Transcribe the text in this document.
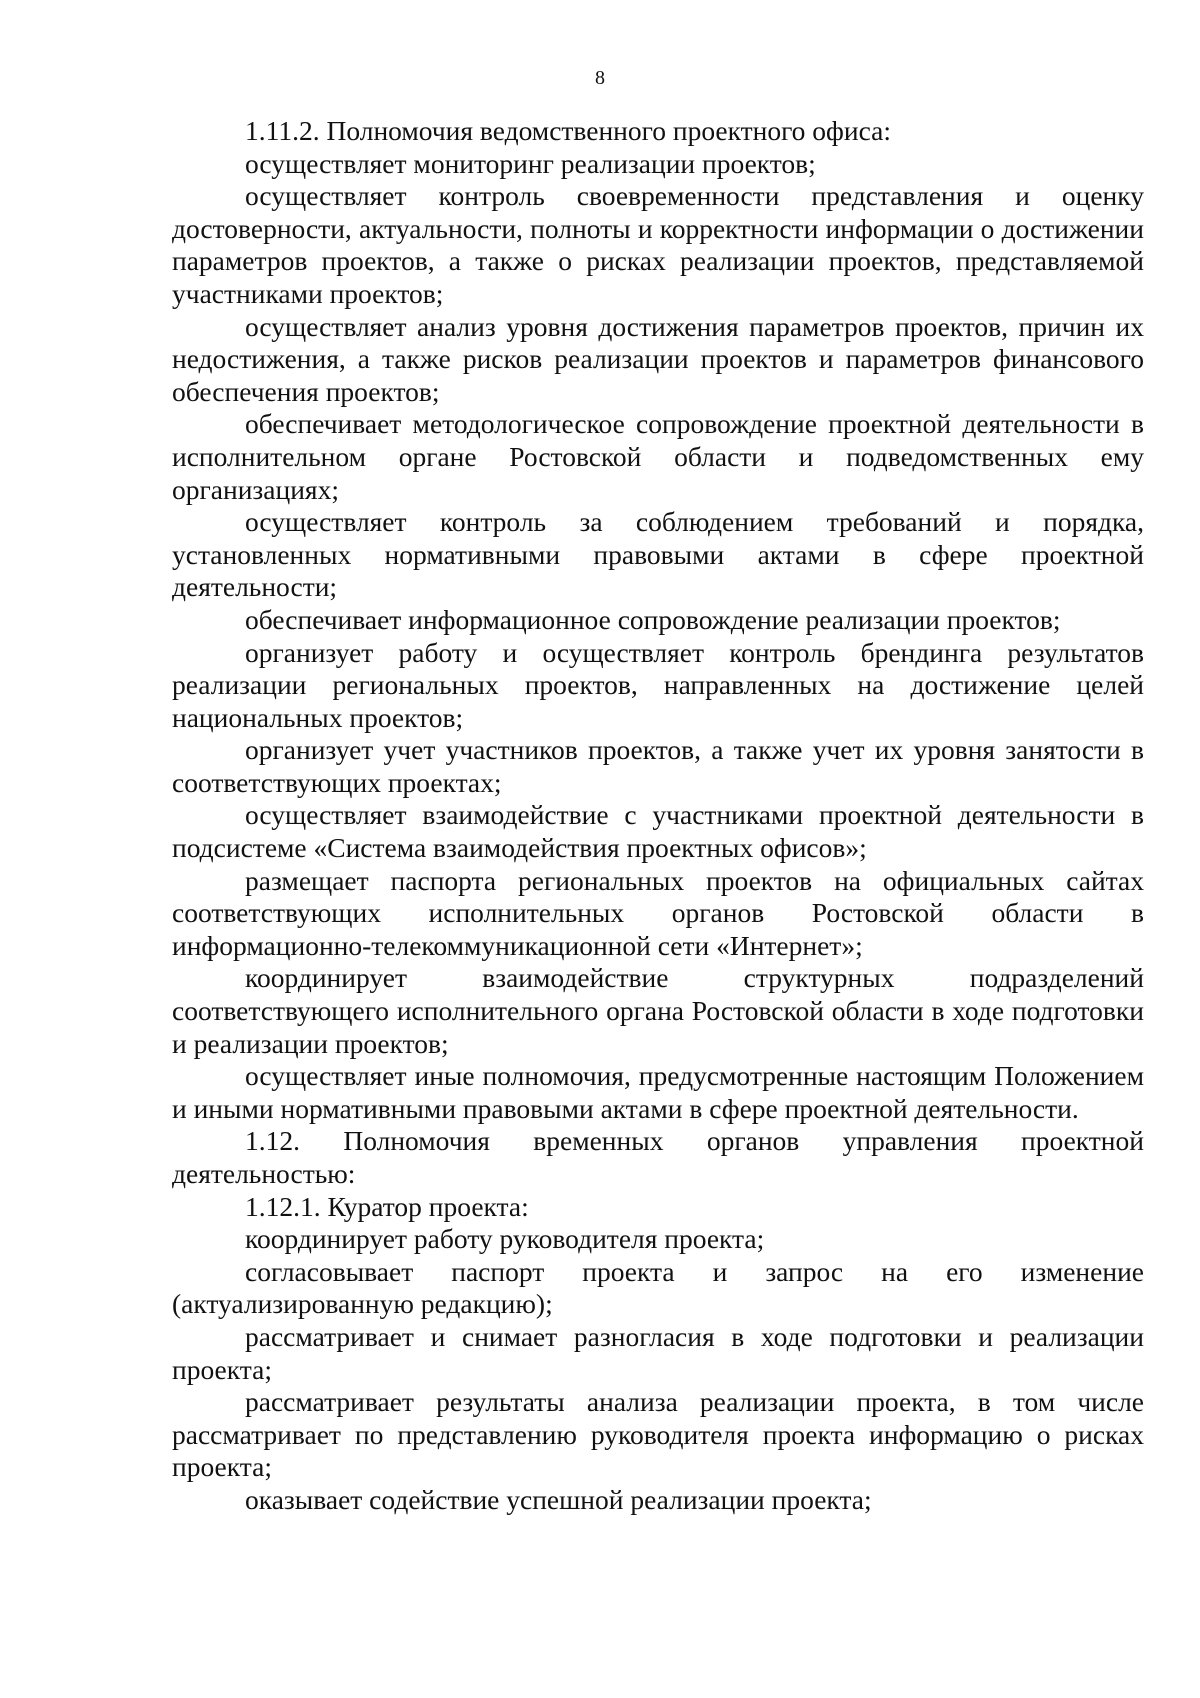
8

1.11.2. Полномочия ведомственного проектного офиса:

осуществляет мониторинг реализации проектов;

осуществляет контроль своевременности представления и оценку достоверности, актуальности, полноты и корректности информации о достижении параметров проектов, а также о рисках реализации проектов, представляемой участниками проектов;

осуществляет анализ уровня достижения параметров проектов, причин их недостижения, а также рисков реализации проектов и параметров финансового обеспечения проектов;

обеспечивает методологическое сопровождение проектной деятельности в исполнительном органе Ростовской области и подведомственных ему организациях;

осуществляет контроль за соблюдением требований и порядка, установленных нормативными правовыми актами в сфере проектной деятельности;

обеспечивает информационное сопровождение реализации проектов;

организует работу и осуществляет контроль брендинга результатов реализации региональных проектов, направленных на достижение целей национальных проектов;

организует учет участников проектов, а также учет их уровня занятости в соответствующих проектах;

осуществляет взаимодействие с участниками проектной деятельности в подсистеме «Система взаимодействия проектных офисов»;

размещает паспорта региональных проектов на официальных сайтах соответствующих исполнительных органов Ростовской области в информационно-телекоммуникационной сети «Интернет»;

координирует взаимодействие структурных подразделений соответствующего исполнительного органа Ростовской области в ходе подготовки и реализации проектов;

осуществляет иные полномочия, предусмотренные настоящим Положением и иными нормативными правовыми актами в сфере проектной деятельности.

1.12. Полномочия временных органов управления проектной деятельностью:

1.12.1. Куратор проекта:

координирует работу руководителя проекта;

согласовывает паспорт проекта и запрос на его изменение (актуализированную редакцию);

рассматривает и снимает разногласия в ходе подготовки и реализации проекта;

рассматривает результаты анализа реализации проекта, в том числе рассматривает по представлению руководителя проекта информацию о рисках проекта;

оказывает содействие успешной реализации проекта;
